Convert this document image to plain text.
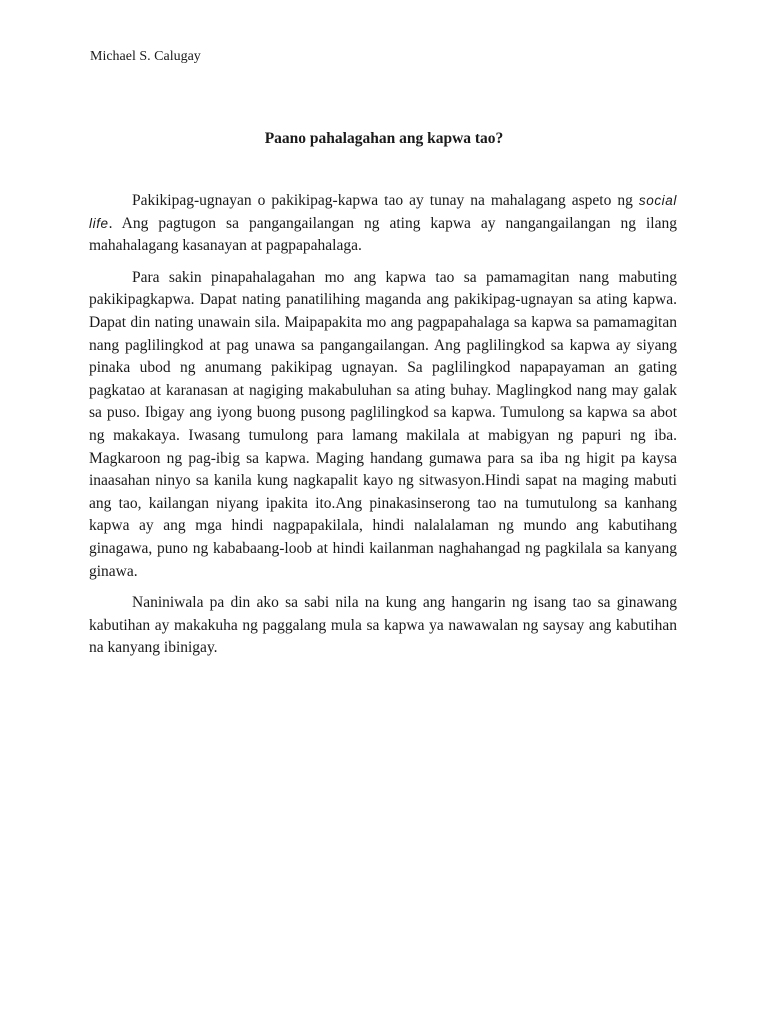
Michael S. Calugay
Paano pahalagahan ang kapwa tao?

Pakikipag-ugnayan o pakikipag-kapwa tao ay tunay na mahalagang aspeto ng social life. Ang pagtugon sa pangangailangan ng ating kapwa ay nangangailangan ng ilang mahahalagang kasanayan at pagpapahalaga.

Para sakin pinapahalagahan mo ang kapwa tao sa pamamagitan nang mabuting pakikipagkapwa. Dapat nating panatilihing maganda ang pakikipag-ugnayan sa ating kapwa. Dapat din nating unawain sila. Maipapakita mo ang pagpapahalaga sa kapwa sa pamamagitan nang paglilingkod at pag unawa sa pangangailangan. Ang paglilingkod sa kapwa ay siyang pinaka ubod ng anumang pakikipag ugnayan. Sa paglilingkod napapayaman an gating pagkatao at karanasan at nagiging makabuluhan sa ating buhay. Maglingkod nang may galak sa puso. Ibigay ang iyong buong pusong paglilingkod sa kapwa. Tumulong sa kapwa sa abot ng makakaya. Iwasang tumulong para lamang makilala at mabigyan ng papuri ng iba. Magkaroon ng pag-ibig sa kapwa. Maging handang gumawa para sa iba ng higit pa kaysa inaasahan ninyo sa kanila kung nagkapalit kayo ng sitwasyon.Hindi sapat na maging mabuti ang tao, kailangan niyang ipakita ito.Ang pinakasinserong tao na tumutulong sa kanhang kapwa ay ang mga hindi nagpapakilala, hindi nalalalaman ng mundo ang kabutihang ginagawa, puno ng kababaang-loob at hindi kailanman naghahangad ng pagkilala sa kanyang ginawa.

Naniniwala pa din ako sa sabi nila na kung ang hangarin ng isang tao sa ginawang kabutihan ay makakuha ng paggalang mula sa kapwa ya nawawalan ng saysay ang kabutihan na kanyang ibinigay.
